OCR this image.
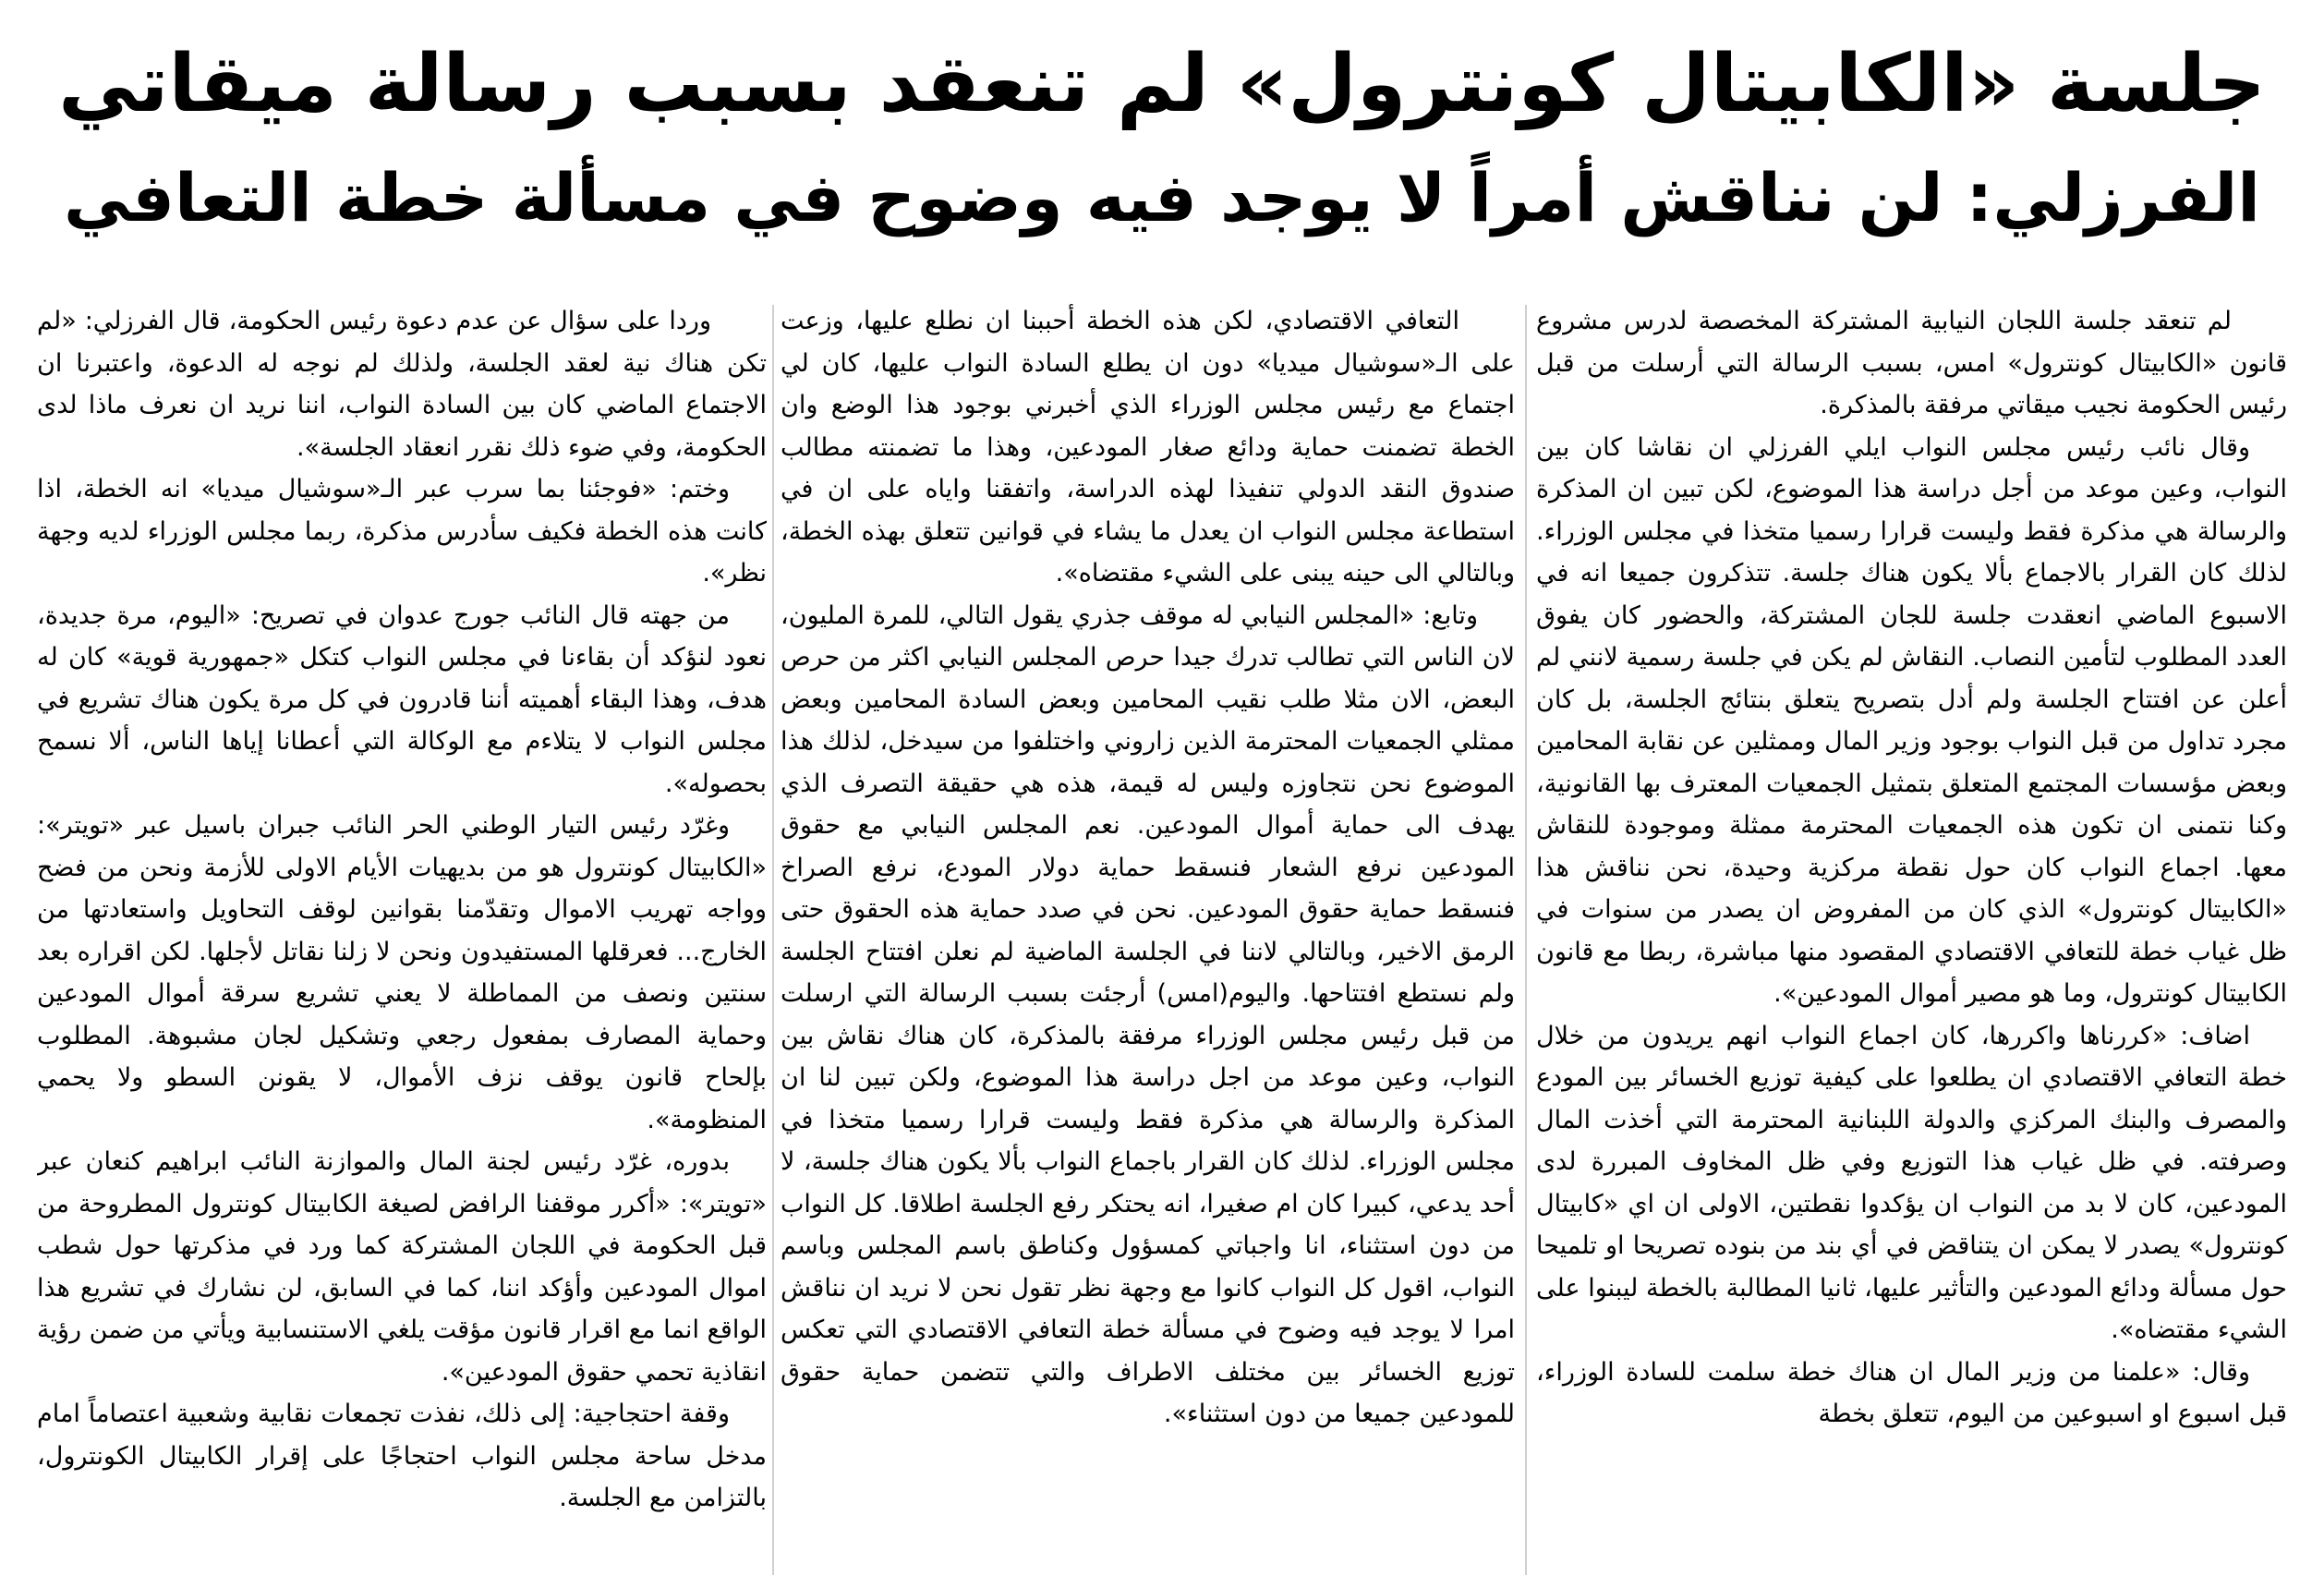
جلسة «الكابيتال كونترول» لم تنعقد بسبب رسالة ميقاتي
الفرزلي: لن نناقش أمراً لا يوجد فيه وضوح في مسألة خطة التعافي

لم تنعقد جلسة اللجان النيابية المشتركة المخصصة لدرس مشروع قانون «الكابيتال كونترول» امس، بسبب الرسالة التي أرسلت من قبل رئيس الحكومة نجيب ميقاتي مرفقة بالمذكرة.

وقال نائب رئيس مجلس النواب ايلي الفرزلي ان نقاشا كان بين النواب، وعين موعد من أجل دراسة هذا الموضوع، لكن تبين ان المذكرة والرسالة هي مذكرة فقط وليست قرارا رسميا متخذا في مجلس الوزراء. لذلك كان القرار بالاجماع بألا يكون هناك جلسة. تتذكرون جميعا انه في الاسبوع الماضي انعقدت جلسة للجان المشتركة، والحضور كان يفوق العدد المطلوب لتأمين النصاب. النقاش لم يكن في جلسة رسمية لانني لم أعلن عن افتتاح الجلسة ولم أدل بتصريح يتعلق بنتائج الجلسة، بل كان مجرد تداول من قبل النواب بوجود وزير المال وممثلين عن نقابة المحامين وبعض مؤسسات المجتمع المتعلق بتمثيل الجمعيات المعترف بها القانونية، وكنا نتمنى ان تكون هذه الجمعيات المحترمة ممثلة وموجودة للنقاش معها. اجماع النواب كان حول نقطة مركزية وحيدة، نحن نناقش هذا «الكابيتال كونترول» الذي كان من المفروض ان يصدر من سنوات في ظل غياب خطة للتعافي الاقتصادي المقصود منها مباشرة، ربطا مع قانون الكابيتال كونترول، وما هو مصير أموال المودعين».

اضاف: «كررناها واكررها، كان اجماع النواب انهم يريدون من خلال خطة التعافي الاقتصادي ان يطلعوا على كيفية توزيع الخسائر بين المودع والمصرف والبنك المركزي والدولة اللبنانية المحترمة التي أخذت المال وصرفته. في ظل غياب هذا التوزيع وفي ظل المخاوف المبررة لدى المودعين، كان لا بد من النواب ان يؤكدوا نقطتين، الاولى ان اي «كابيتال كونترول» يصدر لا يمكن ان يتناقض في أي بند من بنوده تصريحا او تلميحا حول مسألة ودائع المودعين والتأثير عليها، ثانيا المطالبة بالخطة ليبنوا على الشيء مقتضاه».

وقال: «علمنا من وزير المال ان هناك خطة سلمت للسادة الوزراء، قبل اسبوع او اسبوعين من اليوم، تتعلق بخطة

التعافي الاقتصادي، لكن هذه الخطة أحببنا ان نطلع عليها، وزعت على الـ«سوشيال ميديا» دون ان يطلع السادة النواب عليها، كان لي اجتماع مع رئيس مجلس الوزراء الذي أخبرني بوجود هذا الوضع وان الخطة تضمنت حماية ودائع صغار المودعين، وهذا ما تضمنته مطالب صندوق النقد الدولي تنفيذا لهذه الدراسة، واتفقنا واياه على ان في استطاعة مجلس النواب ان يعدل ما يشاء في قوانين تتعلق بهذه الخطة، وبالتالي الى حينه يبنى على الشيء مقتضاه».

وتابع: «المجلس النيابي له موقف جذري يقول التالي، للمرة المليون، لان الناس التي تطالب تدرك جيدا حرص المجلس النيابي اكثر من حرص البعض، الان مثلا طلب نقيب المحامين وبعض السادة المحامين وبعض ممثلي الجمعيات المحترمة الذين زاروني واختلفوا من سيدخل، لذلك هذا الموضوع نحن نتجاوزه وليس له قيمة، هذه هي حقيقة التصرف الذي يهدف الى حماية أموال المودعين. نعم المجلس النيابي مع حقوق المودعين نرفع الشعار فنسقط حماية دولار المودع، نرفع الصراخ فنسقط حماية حقوق المودعين. نحن في صدد حماية هذه الحقوق حتى الرمق الاخير، وبالتالي لاننا في الجلسة الماضية لم نعلن افتتاح الجلسة ولم نستطع افتتاحها. واليوم(امس) أرجئت بسبب الرسالة التي ارسلت من قبل رئيس مجلس الوزراء مرفقة بالمذكرة، كان هناك نقاش بين النواب، وعين موعد من اجل دراسة هذا الموضوع، ولكن تبين لنا ان المذكرة والرسالة هي مذكرة فقط وليست قرارا رسميا متخذا في مجلس الوزراء. لذلك كان القرار باجماع النواب بألا يكون هناك جلسة، لا أحد يدعي، كبيرا كان ام صغيرا، انه يحتكر رفع الجلسة اطلاقا. كل النواب من دون استثناء، انا واجباتي كمسؤول وكناطق باسم المجلس وباسم النواب، اقول كل النواب كانوا مع وجهة نظر تقول نحن لا نريد ان نناقش امرا لا يوجد فيه وضوح في مسألة خطة التعافي الاقتصادي التي تعكس توزيع الخسائر بين مختلف الاطراف والتي تتضمن حماية حقوق للمودعين جميعا من دون استثناء».

وردا على سؤال عن عدم دعوة رئيس الحكومة، قال الفرزلي: «لم تكن هناك نية لعقد الجلسة، ولذلك لم نوجه له الدعوة، واعتبرنا ان الاجتماع الماضي كان بين السادة النواب، اننا نريد ان نعرف ماذا لدى الحكومة، وفي ضوء ذلك نقرر انعقاد الجلسة».

وختم: «فوجئنا بما سرب عبر الـ«سوشيال ميديا» انه الخطة، اذا كانت هذه الخطة فكيف سأدرس مذكرة، ربما مجلس الوزراء لديه وجهة نظر».

من جهته قال النائب جورج عدوان في تصريح: «اليوم، مرة جديدة، نعود لنؤكد أن بقاءنا في مجلس النواب كتكل «جمهورية قوية» كان له هدف، وهذا البقاء أهميته أننا قادرون في كل مرة يكون هناك تشريع في مجلس النواب لا يتلاءم مع الوكالة التي أعطانا إياها الناس، ألا نسمح بحصوله».

وغرّد رئيس التيار الوطني الحر النائب جبران باسيل عبر «تويتر»: «الكابيتال كونترول هو من بديهيات الأيام الاولى للأزمة ونحن من فضح وواجه تهريب الاموال وتقدّمنا بقوانين لوقف التحاويل واستعادتها من الخارج... فعرقلها المستفيدون ونحن لا زلنا نقاتل لأجلها. لكن اقراره بعد سنتين ونصف من المماطلة لا يعني تشريع سرقة أموال المودعين وحماية المصارف بمفعول رجعي وتشكيل لجان مشبوهة. المطلوب بإلحاح قانون يوقف نزف الأموال، لا يقونن السطو ولا يحمي المنظومة».

بدوره، غرّد رئيس لجنة المال والموازنة النائب ابراهيم كنعان عبر «تويتر»: «أكرر موقفنا الرافض لصيغة الكابيتال كونترول المطروحة من قبل الحكومة في اللجان المشتركة كما ورد في مذكرتها حول شطب اموال المودعين وأؤكد اننا، كما في السابق، لن نشارك في تشريع هذا الواقع انما مع اقرار قانون مؤقت يلغي الاستنسابية ويأتي من ضمن رؤية انقاذية تحمي حقوق المودعين».

وقفة احتجاجية: إلى ذلك، نفذت تجمعات نقابية وشعبية اعتصاماً امام مدخل ساحة مجلس النواب احتجاجًا على إقرار الكابيتال الكونترول، بالتزامن مع الجلسة.
